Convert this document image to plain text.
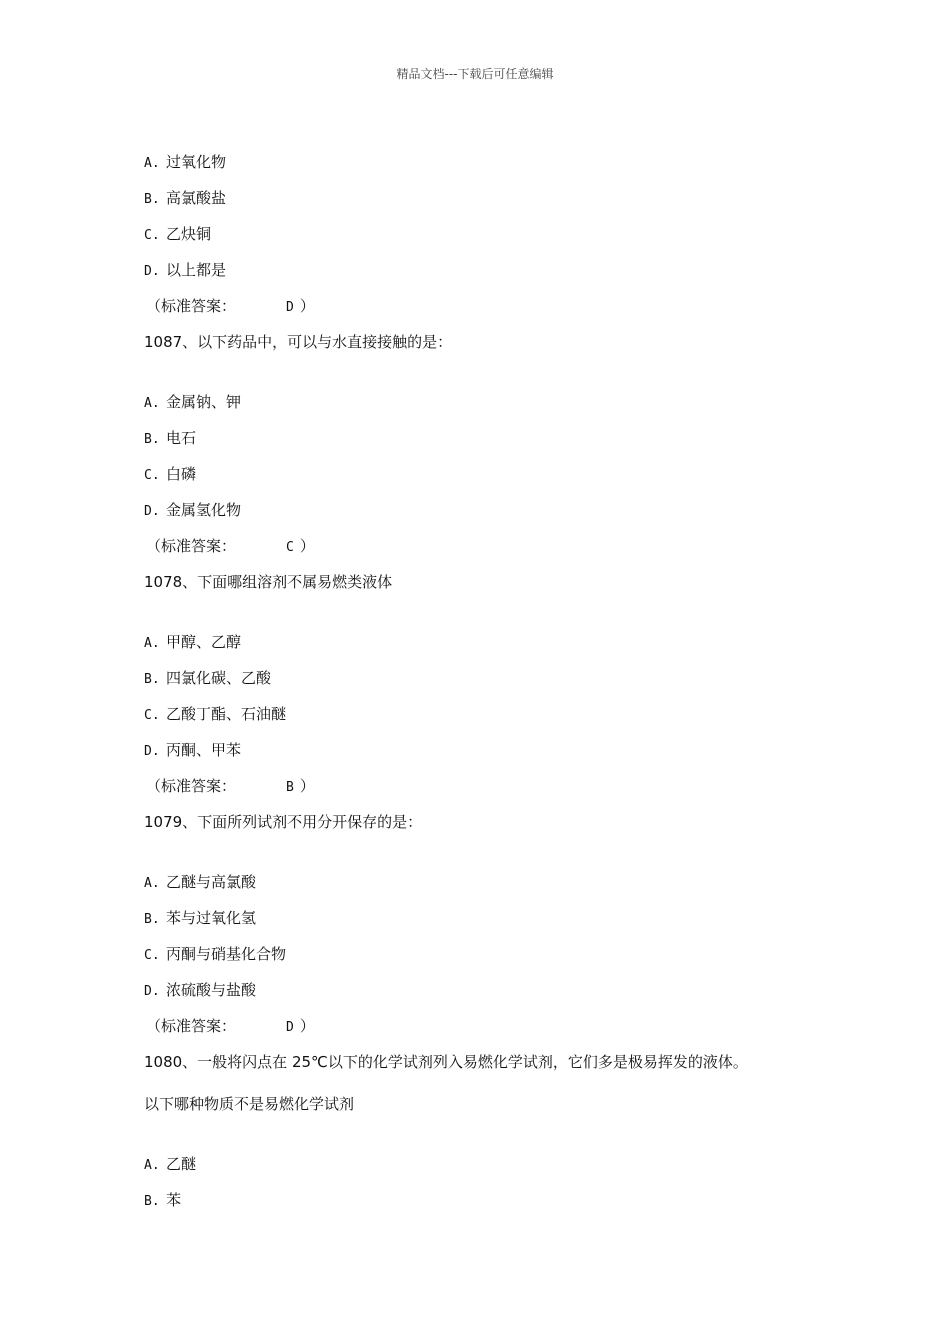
精品文档---下载后可任意编辑
A. 过氧化物
B. 高氯酸盐
C. 乙炔铜
D. 以上都是
（标准答案：	D ）
1087、以下药品中，可以与水直接接触的是：
A. 金属钠、钾
B. 电石
C. 白磷
D. 金属氢化物
（标准答案：	C ）
1078、下面哪组溶剂不属易燃类液体
A. 甲醇、乙醇
B. 四氯化碳、乙酸
C. 乙酸丁酯、石油醚
D. 丙酮、甲苯
（标准答案：	B ）
1079、下面所列试剂不用分开保存的是：
A. 乙醚与高氯酸
B. 苯与过氧化氢
C. 丙酮与硝基化合物
D. 浓硫酸与盐酸
（标准答案：	D ）
1080、一般将闪点在 25℃以下的化学试剂列入易燃化学试剂，它们多是极易挥发的液体。
以下哪种物质不是易燃化学试剂
A. 乙醚
B. 苯
